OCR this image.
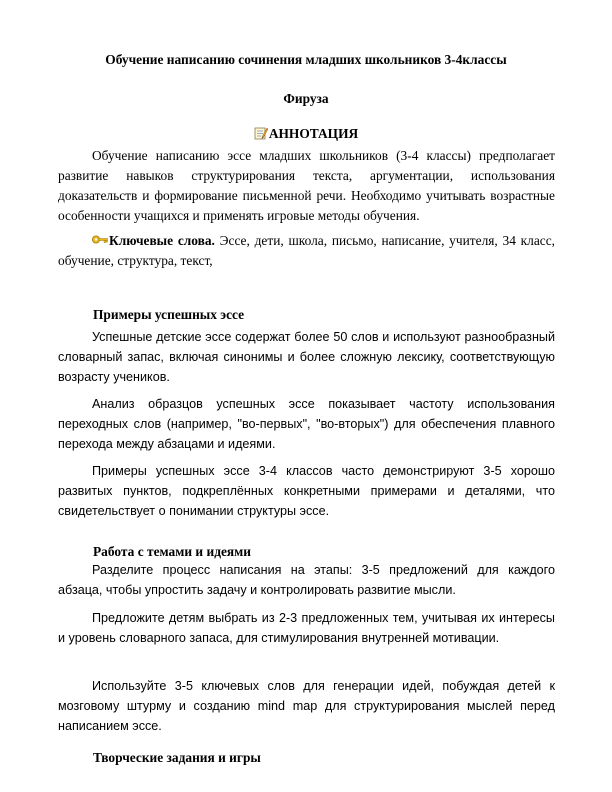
Обучение написанию сочинения младших школьников 3-4классы
Фируза
АННОТАЦИЯ
Обучение написанию эссе младших школьников (3-4 классы) предполагает развитие навыков структурирования текста, аргументации, использования доказательств и формирование письменной речи. Необходимо учитывать возрастные особенности учащихся и применять игровые методы обучения.
Ключевые слова. Эссе, дети, школа, письмо, написание, учителя, 34 класс, обучение, структура, текст,
Примеры успешных эссе
Успешные детские эссе содержат более 50 слов и используют разнообразный словарный запас, включая синонимы и более сложную лексику, соответствующую возрасту учеников.
Анализ образцов успешных эссе показывает частоту использования переходных слов (например, "во-первых", "во-вторых") для обеспечения плавного перехода между абзацами и идеями.
Примеры успешных эссе 3-4 классов часто демонстрируют 3-5 хорошо развитых пунктов, подкреплённых конкретными примерами и деталями, что свидетельствует о понимании структуры эссе.
Работа с темами и идеями
Разделите процесс написания на этапы: 3-5 предложений для каждого абзаца, чтобы упростить задачу и контролировать развитие мысли.
Предложите детям выбрать из 2-3 предложенных тем, учитывая их интересы и уровень словарного запаса, для стимулирования внутренней мотивации.
Используйте 3-5 ключевых слов для генерации идей, побуждая детей к мозговому штурму и созданию mind map для структурирования мыслей перед написанием эссе.
Творческие задания и игры
